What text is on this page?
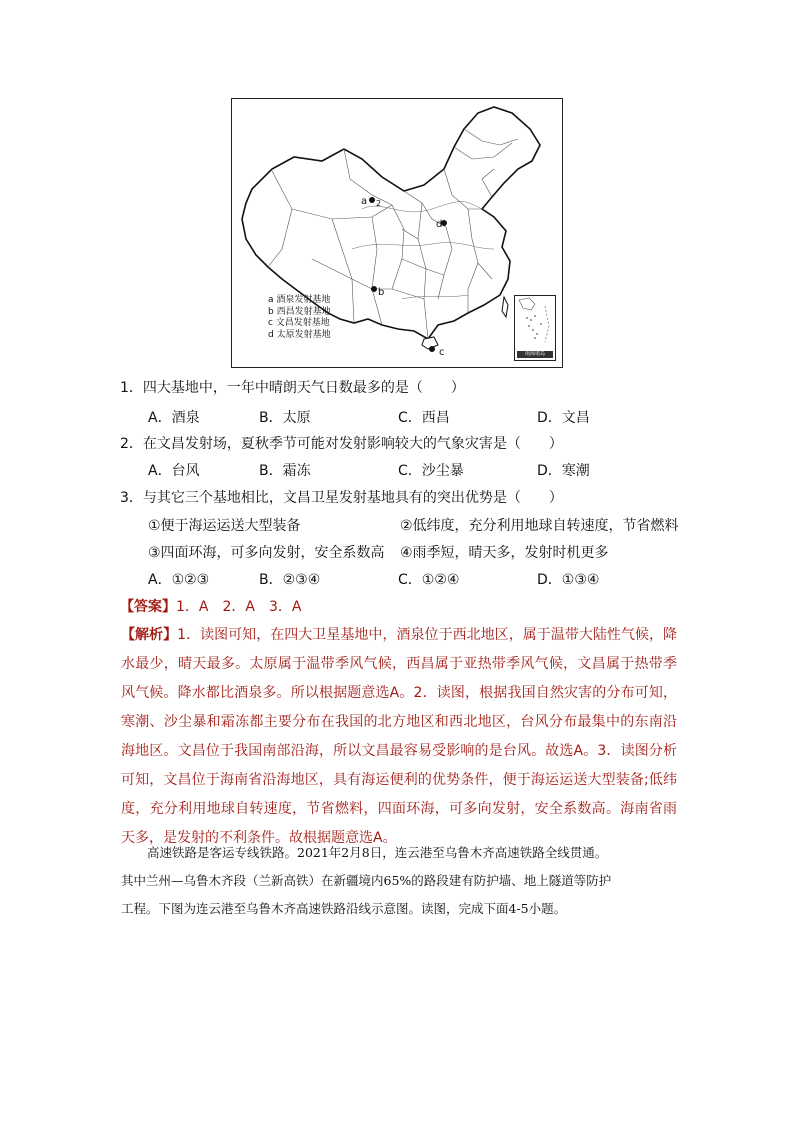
a 2
d
b
c
a 酒泉发射基地
b 西昌发射基地
c 文昌发射基地
d 太原发射基地
南海诸岛
1．四大基地中，一年中晴朗天气日数最多的是（　　）
A．酒泉	B．太原	C．西昌	D．文昌
2．在文昌发射场，夏秋季节可能对发射影响较大的气象灾害是（　　）
A．台风	B．霜冻	C．沙尘暴	D．寒潮
3．与其它三个基地相比，文昌卫星发射基地具有的突出优势是（　　）
①便于海运运送大型装备	②低纬度，充分利用地球自转速度，节省燃料
③四面环海，可多向发射，安全系数高 ④雨季短，晴天多，发射时机更多
A．①②③	B．②③④	C．①②④	D．①③④
【答案】1．A　2．A　3．A
【解析】1．读图可知，在四大卫星基地中，酒泉位于西北地区，属于温带大陆性气候，降水最少，晴天最多。太原属于温带季风气候，西昌属于亚热带季风气候，文昌属于热带季风气候。降水都比酒泉多。所以根据题意选A。2．读图，根据我国自然灾害的分布可知，寒潮、沙尘暴和霜冻都主要分布在我国的北方地区和西北地区，台风分布最集中的东南沿海地区。文昌位于我国南部沿海，所以文昌最容易受影响的是台风。故选A。3．读图分析可知，文昌位于海南省沿海地区，具有海运便利的优势条件，便于海运运送大型装备;低纬度，充分利用地球自转速度，节省燃料，四面环海，可多向发射，安全系数高。海南省雨天多，是发射的不利条件。故根据题意选A。
高速铁路是客运专线铁路。2021年2月8日，连云港至乌鲁木齐高速铁路全线贯通。
其中兰州—乌鲁木齐段（兰新高铁）在新疆境内65%的路段建有防护墙、地上隧道等防护
工程。下图为连云港至乌鲁木齐高速铁路沿线示意图。读图，完成下面4-5小题。
